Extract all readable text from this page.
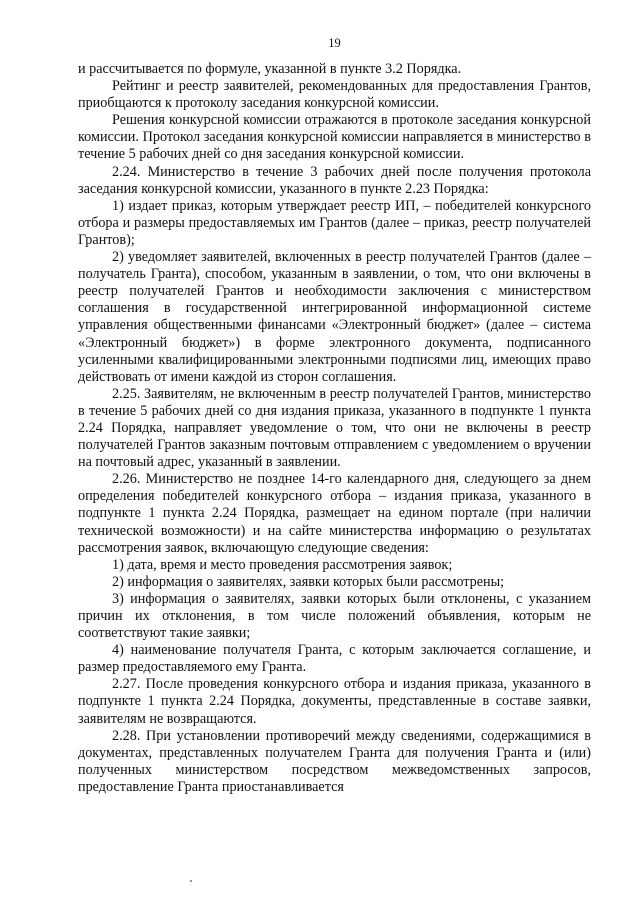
19

и рассчитывается по формуле, указанной в пункте 3.2 Порядка.

Рейтинг и реестр заявителей, рекомендованных для предоставления Грантов, приобщаются к протоколу заседания конкурсной комиссии.

Решения конкурсной комиссии отражаются в протоколе заседания конкурсной комиссии. Протокол заседания конкурсной комиссии направляется в министерство в течение 5 рабочих дней со дня заседания конкурсной комиссии.

2.24. Министерство в течение 3 рабочих дней после получения протокола заседания конкурсной комиссии, указанного в пункте 2.23 Порядка:

1) издает приказ, которым утверждает реестр ИП, – победителей конкурсного отбора и размеры предоставляемых им Грантов (далее – приказ, реестр получателей Грантов);

2) уведомляет заявителей, включенных в реестр получателей Грантов (далее – получатель Гранта), способом, указанным в заявлении, о том, что они включены в реестр получателей Грантов и необходимости заключения с министерством соглашения в государственной интегрированной информационной системе управления общественными финансами «Электронный бюджет» (далее – система «Электронный бюджет») в форме электронного документа, подписанного усиленными квалифицированными электронными подписями лиц, имеющих право действовать от имени каждой из сторон соглашения.

2.25. Заявителям, не включенным в реестр получателей Грантов, министерство в течение 5 рабочих дней со дня издания приказа, указанного в подпункте 1 пункта 2.24 Порядка, направляет уведомление о том, что они не включены в реестр получателей Грантов заказным почтовым отправлением с уведомлением о вручении на почтовый адрес, указанный в заявлении.

2.26. Министерство не позднее 14-го календарного дня, следующего за днем определения победителей конкурсного отбора – издания приказа, указанного в подпункте 1 пункта 2.24 Порядка, размещает на едином портале (при наличии технической возможности) и на сайте министерства информацию о результатах рассмотрения заявок, включающую следующие сведения:

1) дата, время и место проведения рассмотрения заявок;

2) информация о заявителях, заявки которых были рассмотрены;

3) информация о заявителях, заявки которых были отклонены, с указанием причин их отклонения, в том числе положений объявления, которым не соответствуют такие заявки;

4) наименование получателя Гранта, с которым заключается соглашение, и размер предоставляемого ему Гранта.

2.27. После проведения конкурсного отбора и издания приказа, указанного в подпункте 1 пункта 2.24 Порядка, документы, представленные в составе заявки, заявителям не возвращаются.

2.28. При установлении противоречий между сведениями, содержащимися в документах, представленных получателем Гранта для получения Гранта и (или) полученных министерством посредством межведомственных запросов, предоставление Гранта приостанавливается
